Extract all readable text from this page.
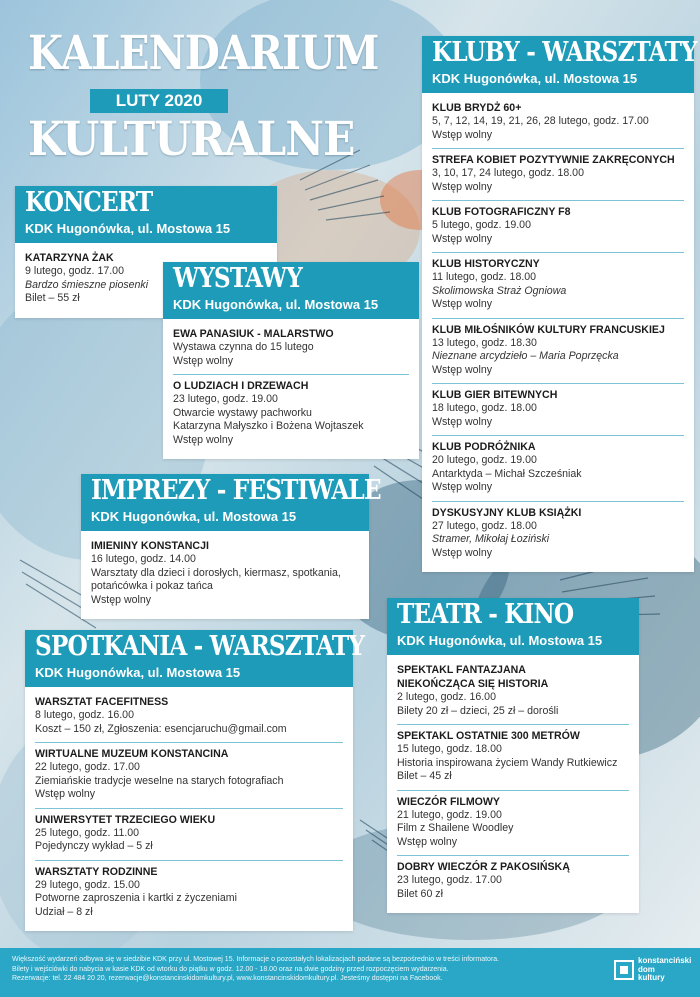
KALENDARIUM
LUTY 2020
KULTURALNE
KONCERT
KDK Hugonówka, ul. Mostowa 15
KATARZYNA ŻAK
9 lutego, godz. 17.00
Bardzo śmieszne piosenki
Bilet – 55 zł
WYSTAWY
KDK Hugonówka, ul. Mostowa 15
EWA PANASIUK - MALARSTWO
Wystawa czynna do 15 lutego
Wstęp wolny
O LUDZIACH I DRZEWACH
23 lutego, godz. 19.00
Otwarcie wystawy pachworku
Katarzyna Małyszko i Bożena Wojtaszek
Wstęp wolny
IMPREZY - FESTIWALE
KDK Hugonówka, ul. Mostowa 15
IMIENINY KONSTANCJI
16 lutego, godz. 14.00
Warsztaty dla dzieci i dorosłych, kiermasz, spotkania,
potańcówka i pokaz tańca
Wstęp wolny
SPOTKANIA - WARSZTATY
KDK Hugonówka, ul. Mostowa 15
WARSZTAT FACEFITNESS
8 lutego, godz. 16.00
Koszt – 150 zł, Zgłoszenia: esencjaruchu@gmail.com
WIRTUALNE MUZEUM KONSTANCINA
22 lutego, godz. 17.00
Ziemiańskie tradycje weselne na starych fotografiach
Wstęp wolny
UNIWERSYTET TRZECIEGO WIEKU
25 lutego, godz. 11.00
Pojedynczy wykład – 5 zł
WARSZTATY RODZINNE
29 lutego, godz. 15.00
Potworne zaproszenia i kartki z życzeniami
Udział – 8 zł
KLUBY - WARSZTATY
KDK Hugonówka, ul. Mostowa 15
KLUB BRYDŻ 60+
5, 7, 12, 14, 19, 21, 26, 28 lutego, godz. 17.00
Wstęp wolny
STREFA KOBIET POZYTYWNIE ZAKRĘCONYCH
3, 10, 17, 24 lutego, godz. 18.00
Wstęp wolny
KLUB FOTOGRAFICZNY F8
5 lutego, godz. 19.00
Wstęp wolny
KLUB HISTORYCZNY
11 lutego, godz. 18.00
Skolimowska Straż Ogniowa
Wstęp wolny
KLUB MIŁOŚNIKÓW KULTURY FRANCUSKIEJ
13 lutego, godz. 18.30
Nieznane arcydzieło – Maria Poprzęcka
Wstęp wolny
KLUB GIER BITEWNYCH
18 lutego, godz. 18.00
Wstęp wolny
KLUB PODRÓŻNIKA
20 lutego, godz. 19.00
Antarktyda – Michał Szcześniak
Wstęp wolny
DYSKUSYJNY KLUB KSIĄŻKI
27 lutego, godz. 18.00
Stramer, Mikołaj Łoziński
Wstęp wolny
TEATR - KINO
KDK Hugonówka, ul. Mostowa 15
SPEKTAKL FANTAZJANA
NIEKOŃCZĄCA SIĘ HISTORIA
2 lutego, godz. 16.00
Bilety 20 zł – dzieci, 25 zł – dorośli
SPEKTAKL OSTATNIE 300 METRÓW
15 lutego, godz. 18.00
Historia inspirowana życiem Wandy Rutkiewicz
Bilet – 45 zł
WIECZÓR FILMOWY
21 lutego, godz. 19.00
Film z Shailene Woodley
Wstęp wolny
DOBRY WIECZÓR Z PAKOSIŃSKĄ
23 lutego, godz. 17.00
Bilet 60 zł
Większość wydarzeń odbywa się w siedzibie KDK przy ul. Mostowej 15. Informacje o pozostałych lokalizacjach podane są bezpośrednio w treści informatora.
Bilety i wejściówki do nabycia w kasie KDK od wtorku do piątku w godz. 12.00 - 18.00 oraz na dwie godziny przed rozpoczęciem wydarzenia.
Rezerwacje: tel. 22 484 20 20, rezerwacje@konstancinskidomkultury.pl, www.konstancinskidomkultury.pl. Jesteśmy dostępni na Facebook.
konstanciński
dom
kultury
